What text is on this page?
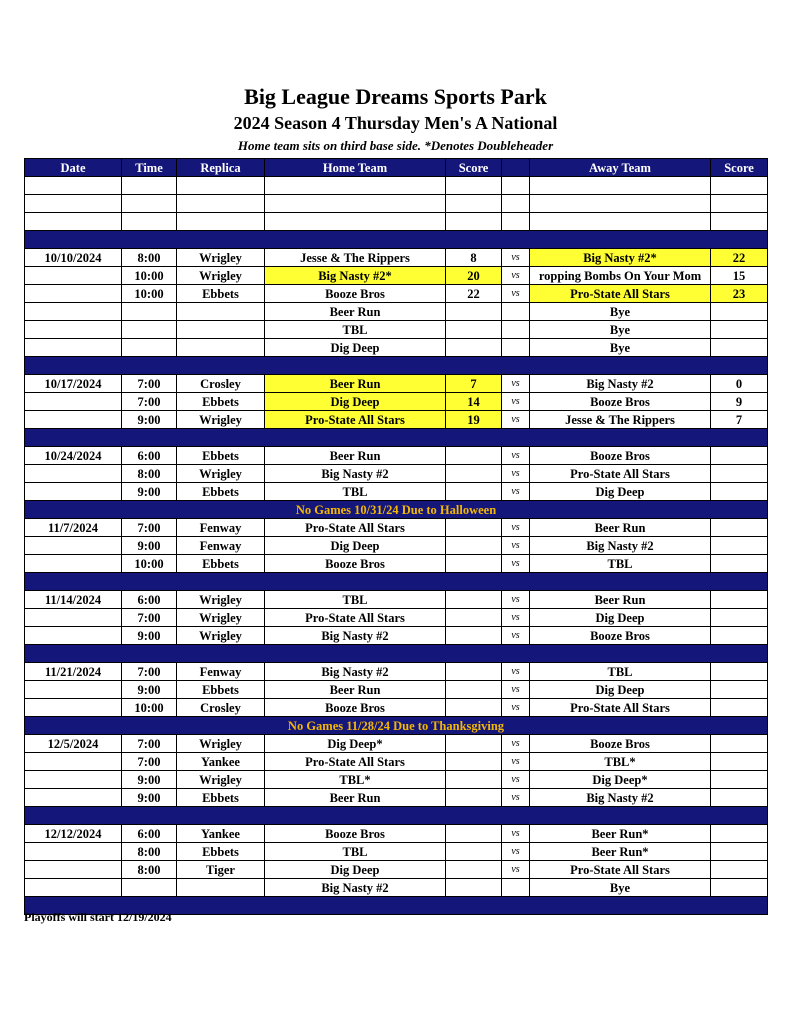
Big League Dreams Sports Park
2024 Season 4 Thursday Men's A National
Home team sits on third base side. *Denotes Doubleheader
Date	Time	Replica	Home Team	Score		Away Team	Score

10/10/2024	8:00	Wrigley	Jesse & The Rippers	8	vs	Big Nasty #2*	22
	10:00	Wrigley	Big Nasty #2*	20	vs	ropping Bombs On Your Mom	15
	10:00	Ebbets	Booze Bros	22	vs	Pro-State All Stars	23
			Beer Run			Bye	
			TBL			Bye	
			Dig Deep			Bye	

10/17/2024	7:00	Crosley	Beer Run	7	vs	Big Nasty #2	0
	7:00	Ebbets	Dig Deep	14	vs	Booze Bros	9
	9:00	Wrigley	Pro-State All Stars	19	vs	Jesse & The Rippers	7

10/24/2024	6:00	Ebbets	Beer Run		vs	Booze Bros	
	8:00	Wrigley	Big Nasty #2		vs	Pro-State All Stars	
	9:00	Ebbets	TBL		vs	Dig Deep	
No Games 10/31/24 Due to Halloween							
11/7/2024	7:00	Fenway	Pro-State All Stars		vs	Beer Run	
	9:00	Fenway	Dig Deep		vs	Big Nasty #2	
	10:00	Ebbets	Booze Bros		vs	TBL	

11/14/2024	6:00	Wrigley	TBL		vs	Beer Run	
	7:00	Wrigley	Pro-State All Stars		vs	Dig Deep	
	9:00	Wrigley	Big Nasty #2		vs	Booze Bros	

11/21/2024	7:00	Fenway	Big Nasty #2		vs	TBL	
	9:00	Ebbets	Beer Run		vs	Dig Deep	
	10:00	Crosley	Booze Bros		vs	Pro-State All Stars	
No Games 11/28/24 Due to Thanksgiving							
12/5/2024	7:00	Wrigley	Dig Deep*		vs	Booze Bros	
	7:00	Yankee	Pro-State All Stars		vs	TBL*	
	9:00	Wrigley	TBL*		vs	Dig Deep*	
	9:00	Ebbets	Beer Run		vs	Big Nasty #2	

12/12/2024	6:00	Yankee	Booze Bros		vs	Beer Run*	
	8:00	Ebbets	TBL		vs	Beer Run*	
	8:00	Tiger	Dig Deep		vs	Pro-State All Stars	
			Big Nasty #2			Bye	

Playoffs will start 12/19/2024
